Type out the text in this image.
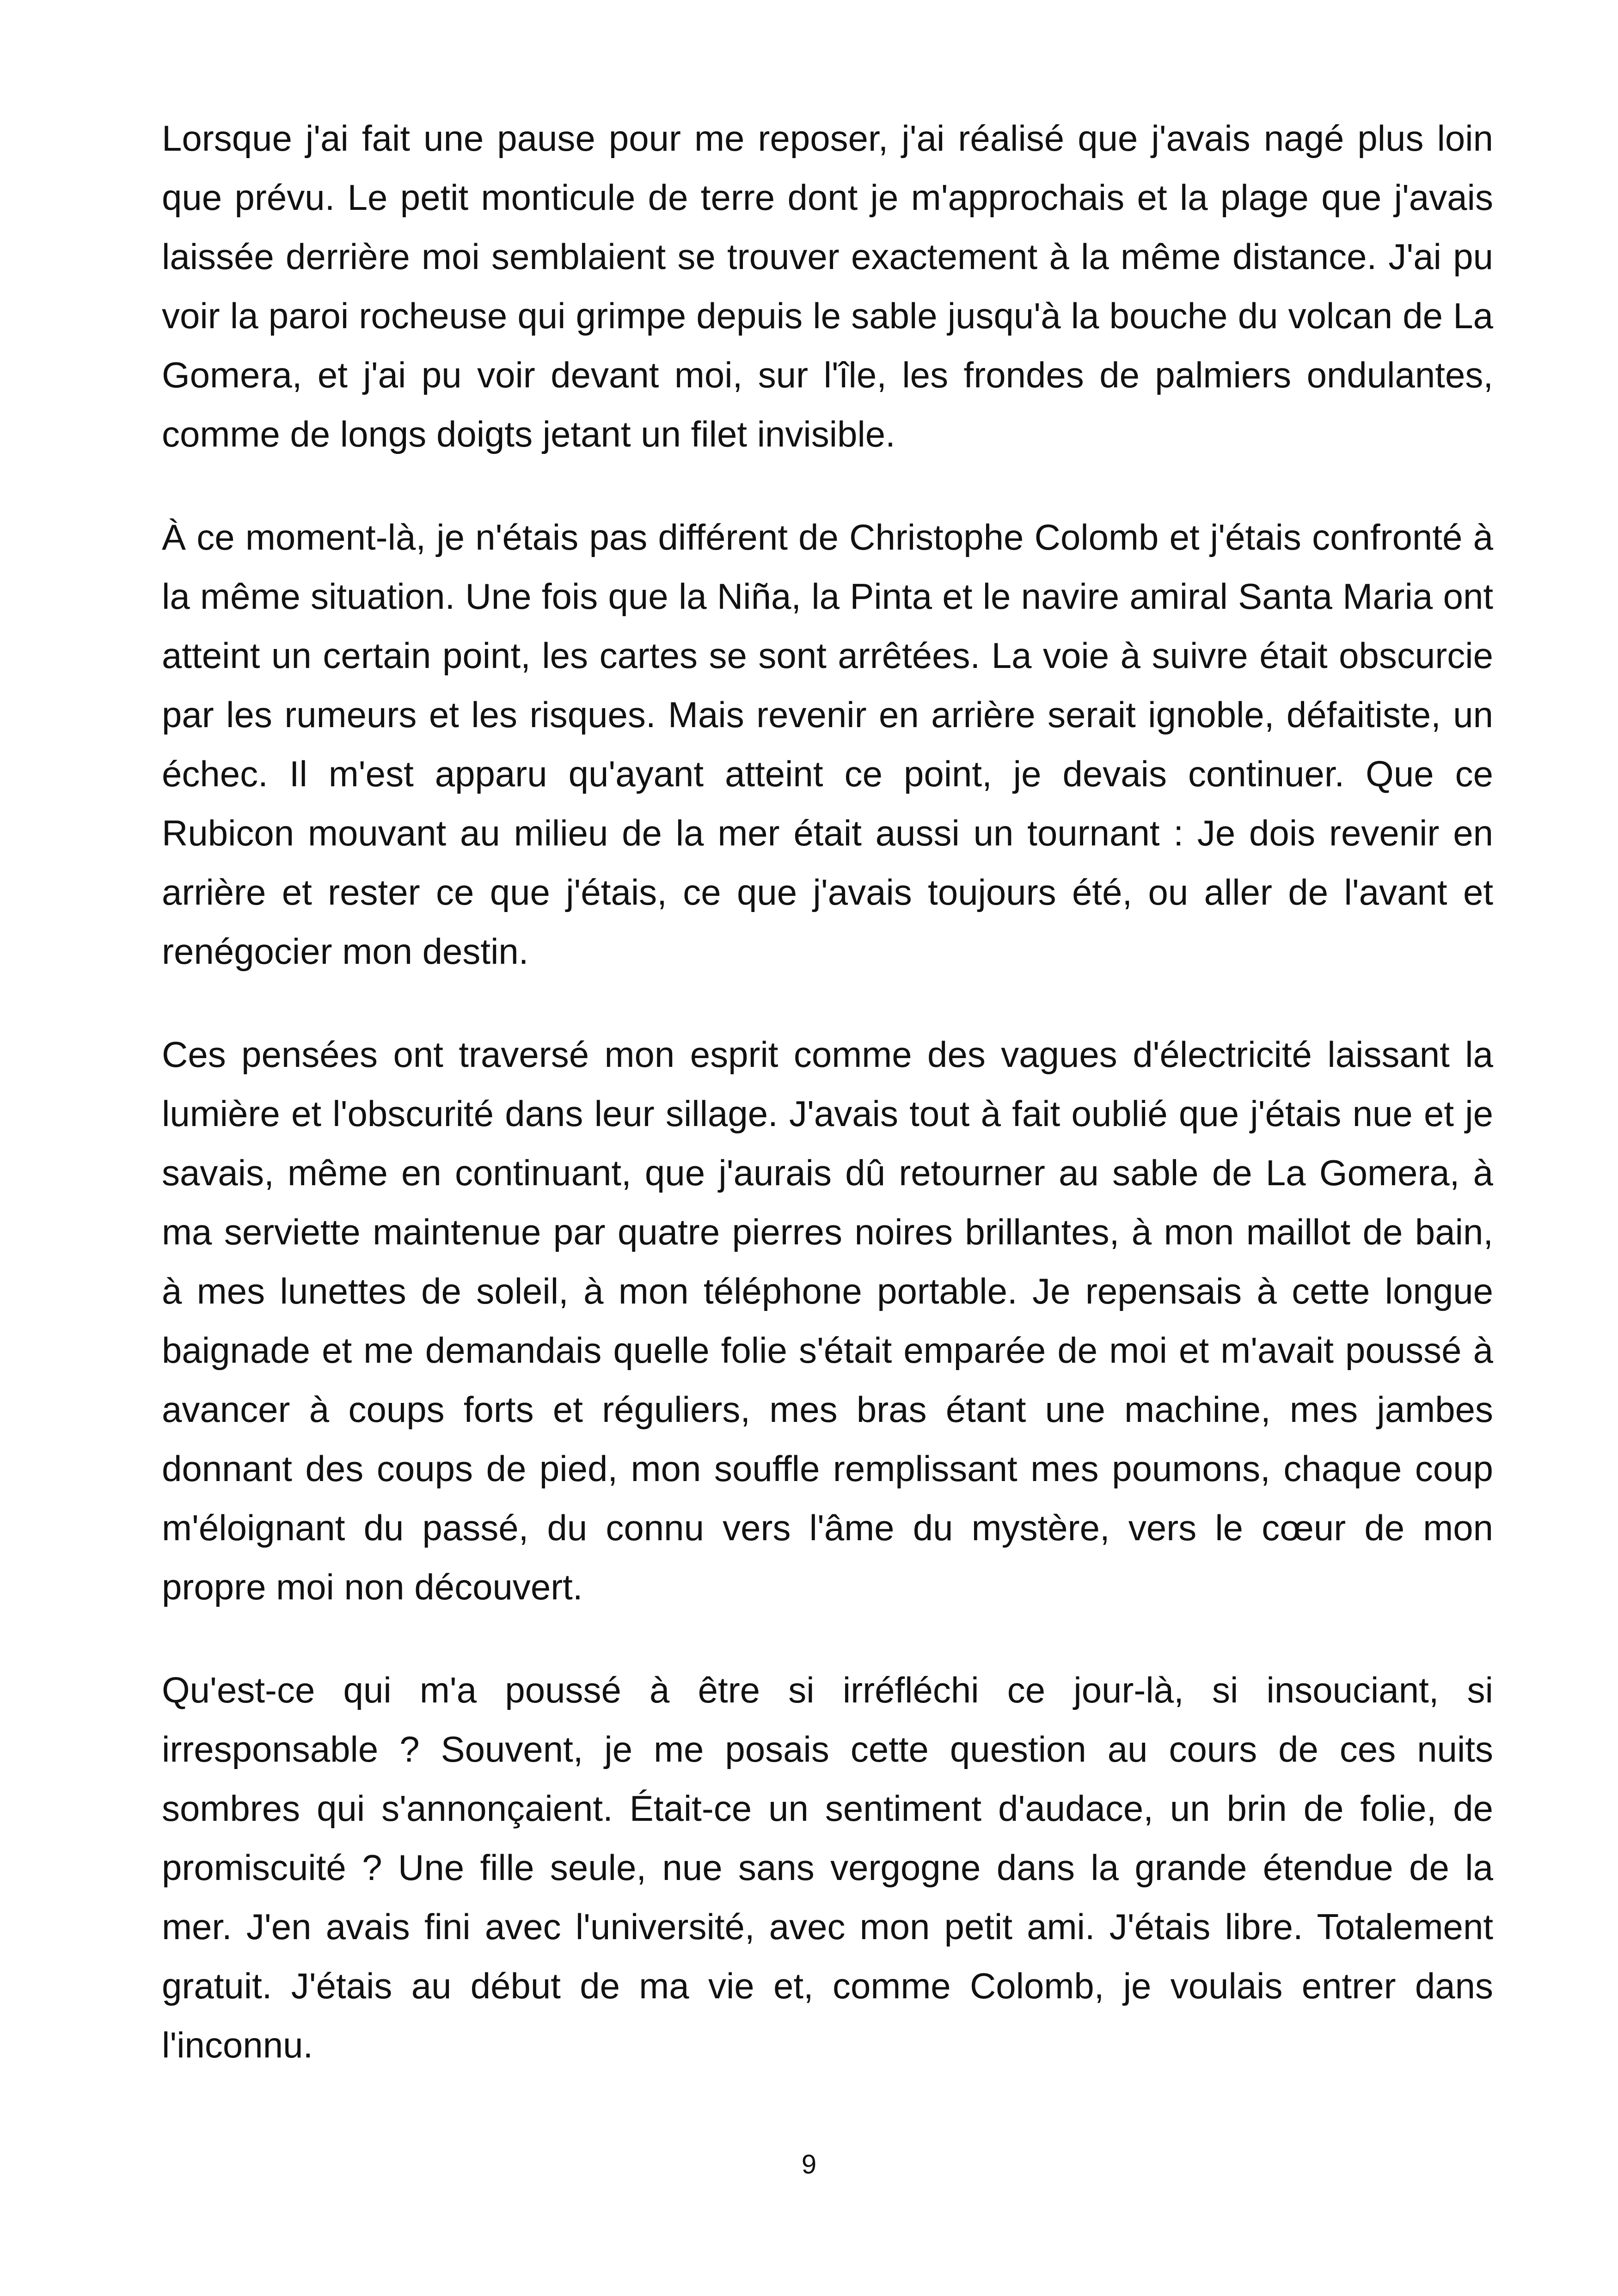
Lorsque j'ai fait une pause pour me reposer, j'ai réalisé que j'avais nagé plus loin que prévu. Le petit monticule de terre dont je m'approchais et la plage que j'avais laissée derrière moi semblaient se trouver exactement à la même distance. J'ai pu voir la paroi rocheuse qui grimpe depuis le sable jusqu'à la bouche du volcan de La Gomera, et j'ai pu voir devant moi, sur l'île, les frondes de palmiers ondulantes, comme de longs doigts jetant un filet invisible.

À ce moment-là, je n'étais pas différent de Christophe Colomb et j'étais confronté à la même situation. Une fois que la Niña, la Pinta et le navire amiral Santa Maria ont atteint un certain point, les cartes se sont arrêtées. La voie à suivre était obscurcie par les rumeurs et les risques. Mais revenir en arrière serait ignoble, défaitiste, un échec. Il m'est apparu qu'ayant atteint ce point, je devais continuer. Que ce Rubicon mouvant au milieu de la mer était aussi un tournant : Je dois revenir en arrière et rester ce que j'étais, ce que j'avais toujours été, ou aller de l'avant et renégocier mon destin.

Ces pensées ont traversé mon esprit comme des vagues d'électricité laissant la lumière et l'obscurité dans leur sillage. J'avais tout à fait oublié que j'étais nue et je savais, même en continuant, que j'aurais dû retourner au sable de La Gomera, à ma serviette maintenue par quatre pierres noires brillantes, à mon maillot de bain, à mes lunettes de soleil, à mon téléphone portable. Je repensais à cette longue baignade et me demandais quelle folie s'était emparée de moi et m'avait poussé à avancer à coups forts et réguliers, mes bras étant une machine, mes jambes donnant des coups de pied, mon souffle remplissant mes poumons, chaque coup m'éloignant du passé, du connu vers l'âme du mystère, vers le cœur de mon propre moi non découvert.

Qu'est-ce qui m'a poussé à être si irréfléchi ce jour-là, si insouciant, si irresponsable ? Souvent, je me posais cette question au cours de ces nuits sombres qui s'annonçaient. Était-ce un sentiment d'audace, un brin de folie, de promiscuité ? Une fille seule, nue sans vergogne dans la grande étendue de la mer. J'en avais fini avec l'université, avec mon petit ami. J'étais libre. Totalement gratuit. J'étais au début de ma vie et, comme Colomb, je voulais entrer dans l'inconnu.

9
